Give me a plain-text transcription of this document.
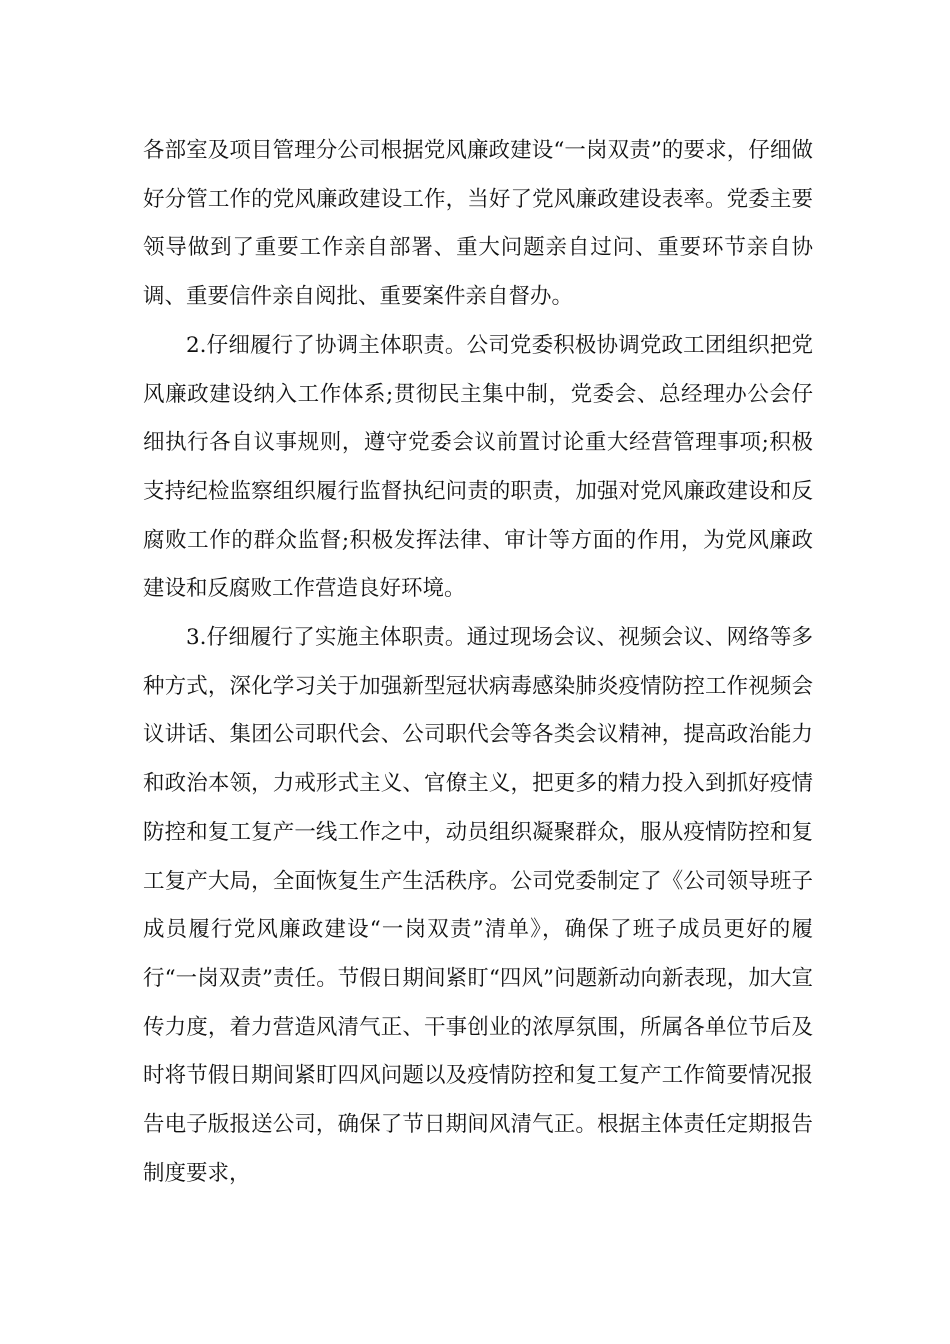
各部室及项目管理分公司根据党风廉政建设“一岗双责”的要求，仔细做好分管工作的党风廉政建设工作，当好了党风廉政建设表率。党委主要领导做到了重要工作亲自部署、重大问题亲自过问、重要环节亲自协调、重要信件亲自阅批、重要案件亲自督办。

2.仔细履行了协调主体职责。公司党委积极协调党政工团组织把党风廉政建设纳入工作体系;贯彻民主集中制，党委会、总经理办公会仔细执行各自议事规则，遵守党委会议前置讨论重大经营管理事项;积极支持纪检监察组织履行监督执纪问责的职责，加强对党风廉政建设和反腐败工作的群众监督;积极发挥法律、审计等方面的作用，为党风廉政建设和反腐败工作营造良好环境。

3.仔细履行了实施主体职责。通过现场会议、视频会议、网络等多种方式，深化学习关于加强新型冠状病毒感染肺炎疫情防控工作视频会议讲话、集团公司职代会、公司职代会等各类会议精神，提高政治能力和政治本领，力戒形式主义、官僚主义，把更多的精力投入到抓好疫情防控和复工复产一线工作之中，动员组织凝聚群众，服从疫情防控和复工复产大局，全面恢复生产生活秩序。公司党委制定了《公司领导班子成员履行党风廉政建设“一岗双责”清单》，确保了班子成员更好的履行“一岗双责”责任。节假日期间紧盯“四风”问题新动向新表现，加大宣传力度，着力营造风清气正、干事创业的浓厚氛围，所属各单位节后及时将节假日期间紧盯四风问题以及疫情防控和复工复产工作简要情况报告电子版报送公司，确保了节日期间风清气正。根据主体责任定期报告制度要求，
